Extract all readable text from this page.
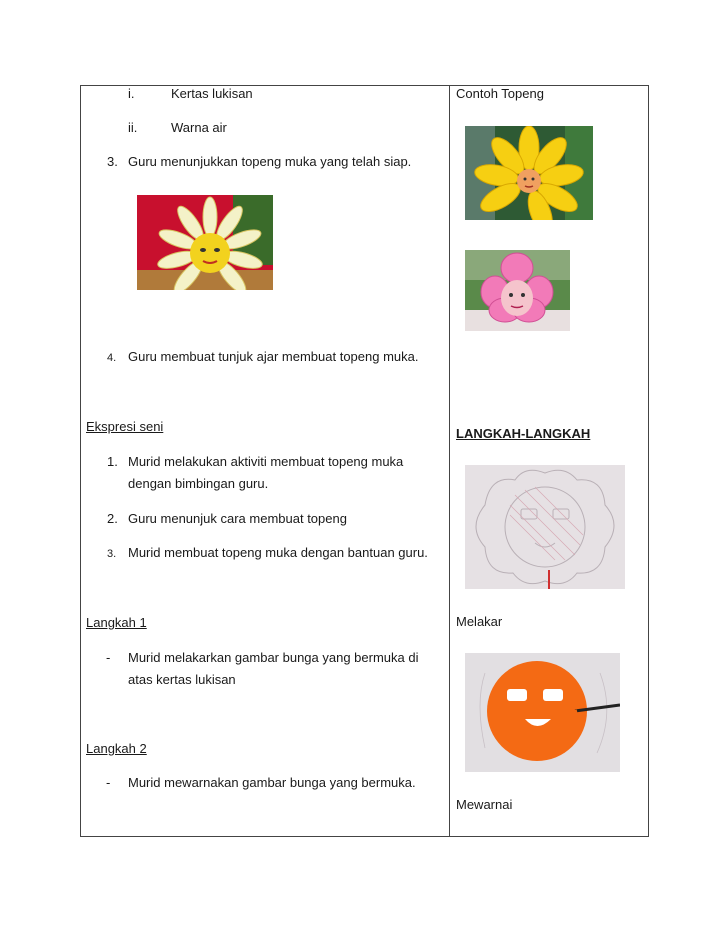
i.	Kertas lukisan
ii.	Warna air
3. Guru menunjukkan topeng muka yang telah siap.
4. Guru membuat tunjuk ajar membuat topeng muka.
Ekspresi seni
1. Murid melakukan aktiviti membuat topeng muka
dengan bimbingan guru.
2. Guru menunjuk cara membuat topeng
3. Murid membuat topeng muka dengan bantuan guru.
Langkah 1
- Murid melakarkan gambar bunga yang bermuka di
atas kertas lukisan
Langkah 2
- Murid mewarnakan gambar bunga yang bermuka.
Contoh Topeng
LANGKAH-LANGKAH
Melakar
Mewarnai
